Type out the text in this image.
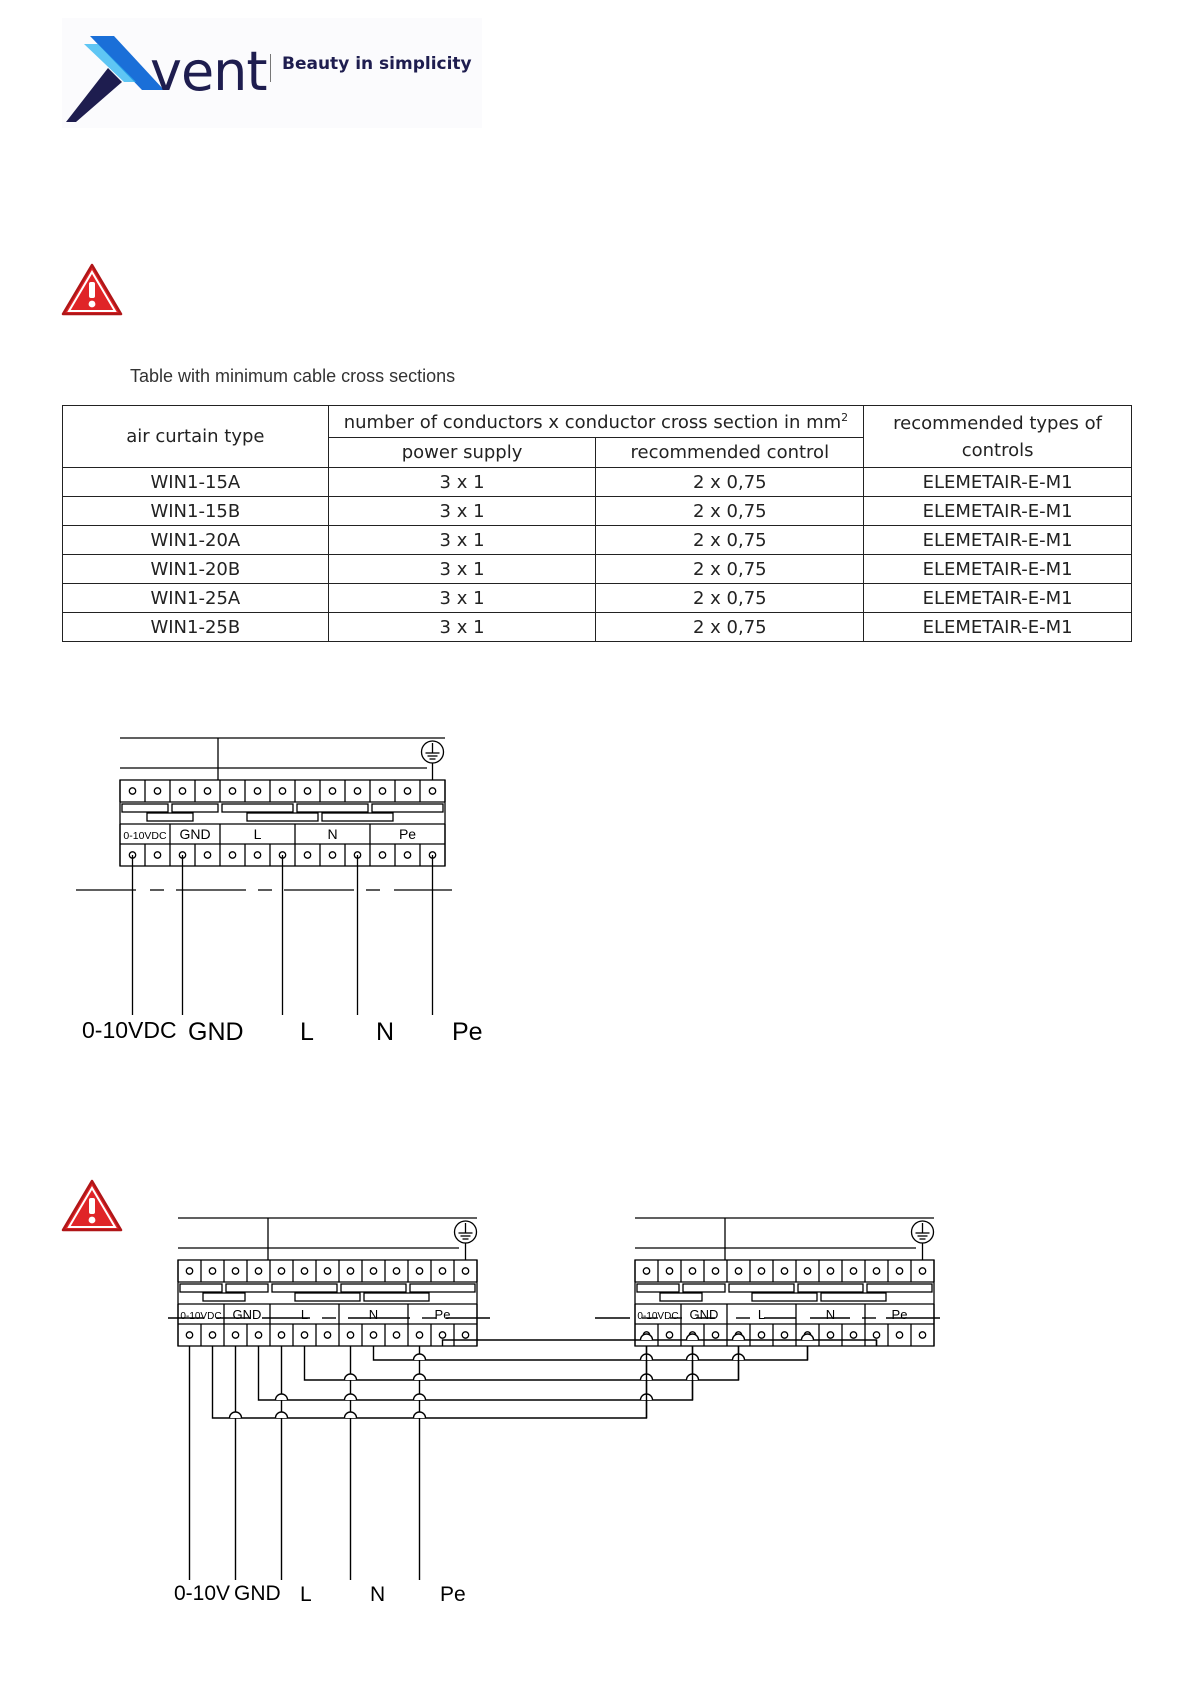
vent Beauty in simplicity
Table with minimum cable cross sections
air curtain type	number of conductors x conductor cross section in $mm^2$		recommended types of
controls

	power supply	recommended control	
WIN1-15A	3 x 1	2 x 0,75	ELEMETAIR-E-M1
WIN1-15B	3 x 1	2 x 0,75	ELEMETAIR-E-M1
WIN1-20A	3 x 1	2 x 0,75	ELEMETAIR-E-M1
WIN1-20B	3 x 1	2 x 0,75	ELEMETAIR-E-M1
WIN1-25A	3 x 1	2 x 0,75	ELEMETAIR-E-M1
WIN1-25B	3 x 1	2 x 0,75	ELEMETAIR-E-M1
0-10VDC GND	L	N	Pe
0-10VDC GND L N Pe
0-10VDC GND	L	N	Pe	0-10VDC GND	L	N	Pe
0-10V GND L	N	Pe
